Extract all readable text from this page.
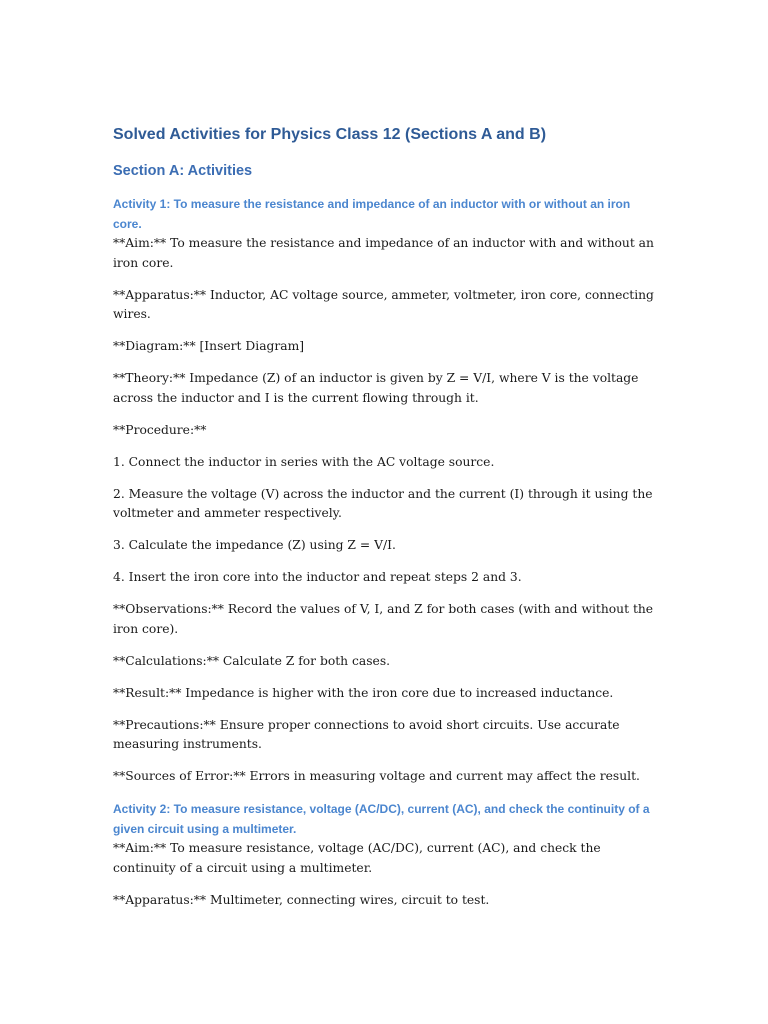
Solved Activities for Physics Class 12 (Sections A and B)
Section A: Activities
Activity 1: To measure the resistance and impedance of an inductor with or without an iron core.

**Aim:** To measure the resistance and impedance of an inductor with and without an iron core.

**Apparatus:** Inductor, AC voltage source, ammeter, voltmeter, iron core, connecting wires.

**Diagram:** [Insert Diagram]

**Theory:** Impedance (Z) of an inductor is given by Z = V/I, where V is the voltage across the inductor and I is the current flowing through it.

**Procedure:**

1. Connect the inductor in series with the AC voltage source.

2. Measure the voltage (V) across the inductor and the current (I) through it using the voltmeter and ammeter respectively.

3. Calculate the impedance (Z) using Z = V/I.

4. Insert the iron core into the inductor and repeat steps 2 and 3.

**Observations:** Record the values of V, I, and Z for both cases (with and without the iron core).

**Calculations:** Calculate Z for both cases.

**Result:** Impedance is higher with the iron core due to increased inductance.

**Precautions:** Ensure proper connections to avoid short circuits. Use accurate measuring instruments.

**Sources of Error:** Errors in measuring voltage and current may affect the result.

Activity 2: To measure resistance, voltage (AC/DC), current (AC), and check the continuity of a given circuit using a multimeter.

**Aim:** To measure resistance, voltage (AC/DC), current (AC), and check the continuity of a circuit using a multimeter.

**Apparatus:** Multimeter, connecting wires, circuit to test.
